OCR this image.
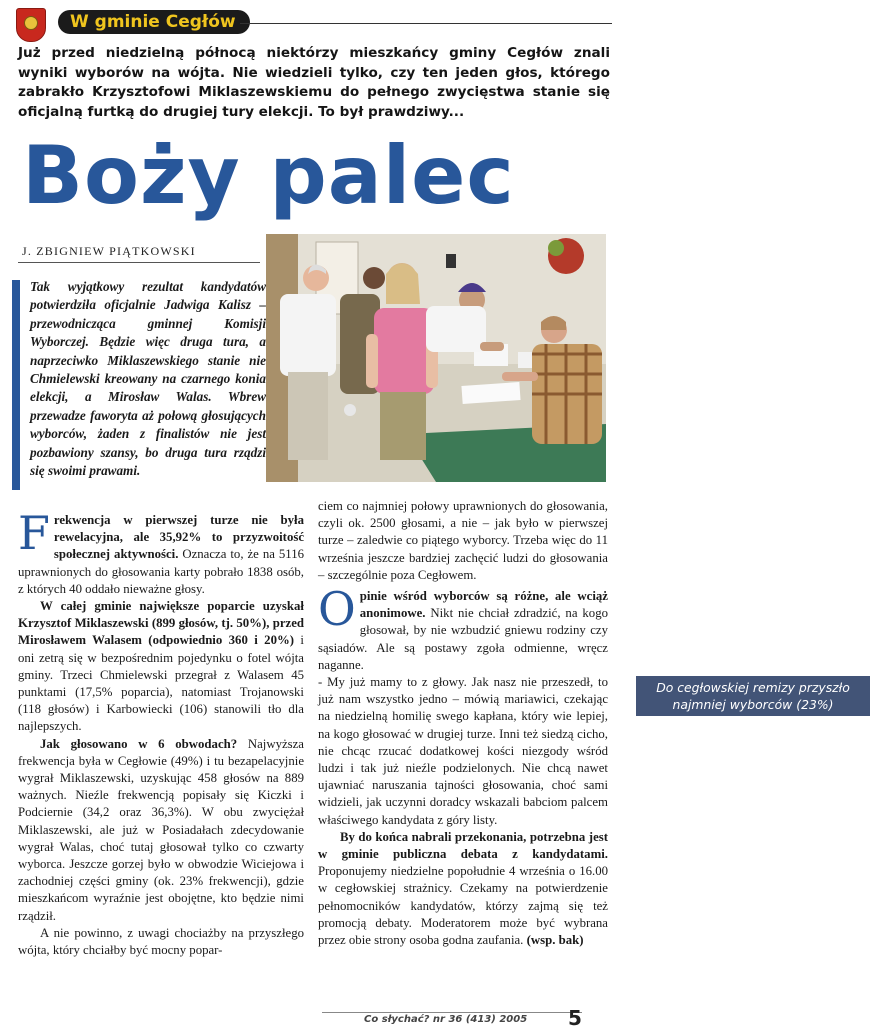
W gminie Cegłów
Już przed niedzielną północą niektórzy mieszkańcy gminy Cegłów znali wyniki wyborów na wójta. Nie wiedzieli tylko, czy ten jeden głos, którego zabrakło Krzysztofowi Miklaszewskiemu do pełnego zwycięstwa stanie się oficjalną furtką do drugiej tury elekcji. To był prawdziwy...
Boży palec
J. ZBIGNIEW PIĄTKOWSKI
Tak wyjątkowy rezultat kandydatów potwierdziła oficjalnie Jadwiga Kalisz – przewodnicząca gminnej Komisji Wyborczej. Będzie więc druga tura, a naprzeciwko Miklaszewskiego stanie nie Chmielewski kreowany na czarnego konia elekcji, a Mirosław Walas. Wbrew przewadze faworyta aż połową głosujących wyborców, żaden z finalistów nie jest pozbawiony szansy, bo druga tura rządzi się swoimi prawami.
Do cegłowskiej remizy przyszło najmniej wyborców (23%)

Frekwencja w pierwszej turze nie była rewelacyjna, ale 35,92% to przyzwoitość społecznej aktywności. Oznacza to, że na 5116 uprawnionych do głosowania karty pobrało 1838 osób, z których 40 oddało nieważne głosy.

W całej gminie największe poparcie uzyskał Krzysztof Miklaszewski (899 głosów, tj. 50%), przed Mirosławem Walasem (odpowiednio 360 i 20%) i oni zetrą się w bezpośrednim pojedynku o fotel wójta gminy. Trzeci Chmielewski przegrał z Walasem 45 punktami (17,5% poparcia), natomiast Trojanowski (118 głosów) i Karbowiecki (106) stanowili tło dla najlepszych.

Jak głosowano w 6 obwodach? Najwyższa frekwencja była w Cegłowie (49%) i tu bezapelacyjnie wygrał Miklaszewski, uzyskując 458 głosów na 889 ważnych. Nieźle frekwencją popisały się Kiczki i Podciernie (34,2 oraz 36,3%). W obu zwyciężał Miklaszewski, ale już w Posiadałach zdecydowanie wygrał Walas, choć tutaj głosował tylko co czwarty wyborca. Jeszcze gorzej było w obwodzie Wiciejowa i zachodniej części gminy (ok. 23% frekwencji), gdzie mieszkańcom wyraźnie jest obojętne, kto będzie nimi rządził.

A nie powinno, z uwagi chociażby na przyszłego wójta, który chciałby być mocny popar-

ciem co najmniej połowy uprawnionych do głosowania, czyli ok. 2500 głosami, a nie – jak było w pierwszej turze – zaledwie co piątego wyborcy. Trzeba więc do 11 września jeszcze bardziej zachęcić ludzi do głosowania – szczególnie poza Cegłowem.

Opinie wśród wyborców są różne, ale wciąż anonimowe. Nikt nie chciał zdradzić, na kogo głosował, by nie wzbudzić gniewu rodziny czy sąsiadów. Ale są postawy zgoła odmienne, wręcz naganne.

- My już mamy to z głowy. Jak nasz nie przeszedł, to już nam wszystko jedno – mówią mariawici, czekając na niedzielną homilię swego kapłana, który wie lepiej, na kogo głosować w drugiej turze. Inni też siedzą cicho, nie chcąc rzucać dodatkowej kości niezgody wśród ludzi i tak już nieźle podzielonych. Nie chcą nawet ujawniać naruszania tajności głosowania, choć sami widzieli, jak uczynni doradcy wskazali babciom palcem właściwego kandydata z góry listy.

By do końca nabrali przekonania, potrzebna jest w gminie publiczna debata z kandydatami. Proponujemy niedzielne popołudnie 4 września o 16.00 w cegłowskiej strażnicy. Czekamy na potwierdzenie pełnomocników kandydatów, którzy zajmą się też promocją debaty. Moderatorem może być wybrana przez obie strony osoba godna zaufania. (wsp. bak)

Co słychać? nr 36 (413) 2005 5
